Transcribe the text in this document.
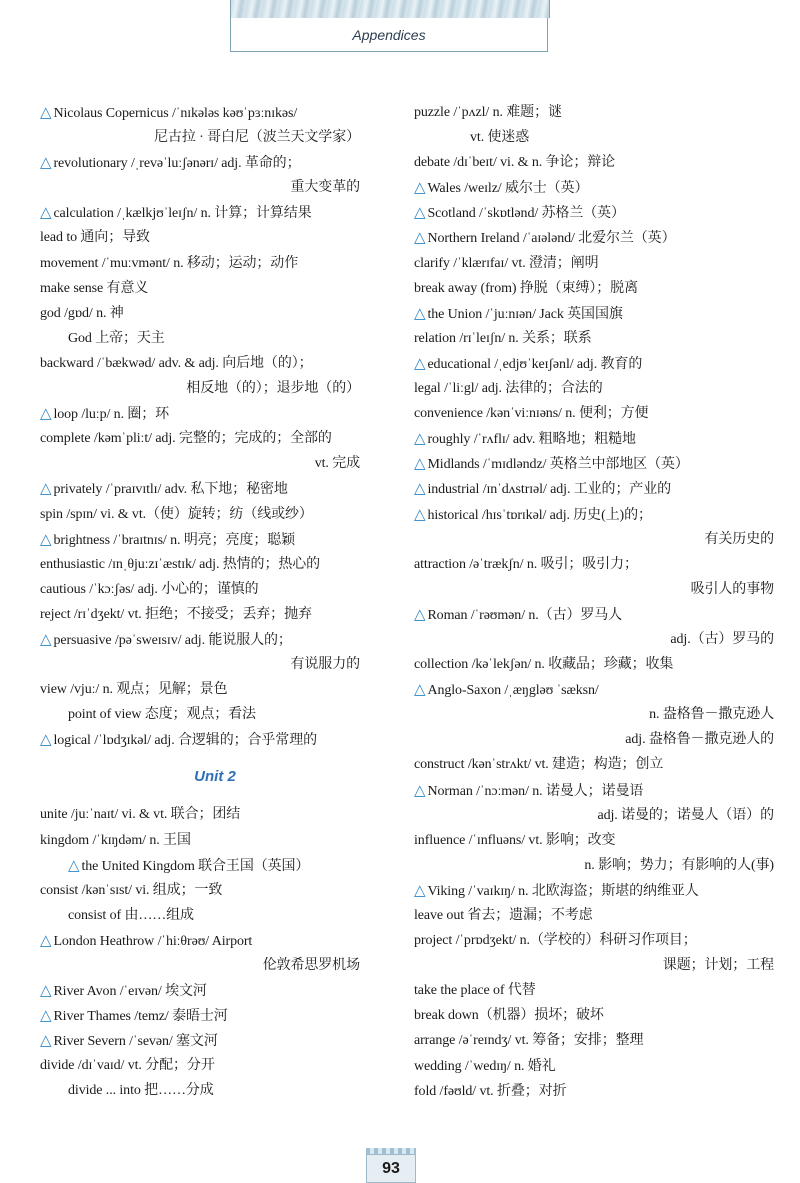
Appendices
△ Nicolaus Copernicus /ˈnɪkələs kəʊˈpɜːnɪkəs/
尼古拉 · 哥白尼（波兰天文学家）
△ revolutionary /ˌrevəˈluːʃənərɪ/ adj. 革命的；
重大变革的
△ calculation /ˌkælkjʊˈleɪʃn/ n. 计算；计算结果
lead to 通向；导致
movement /ˈmuːvmənt/ n. 移动；运动；动作
make sense 有意义
god /gɒd/ n. 神
God 上帝；天主
backward /ˈbækwəd/ adv. & adj. 向后地（的）；
相反地（的）；退步地（的）
△ loop /luːp/ n. 圈；环
complete /kəmˈpliːt/ adj. 完整的；完成的；全部的
vt. 完成
△ privately /ˈpraɪvɪtlɪ/ adv. 私下地；秘密地
spin /spɪn/ vi. & vt.（使）旋转；纺（线或纱）
△ brightness /ˈbraɪtnɪs/ n. 明亮；亮度；聪颖
enthusiastic /ɪnˌθjuːzɪˈæstɪk/ adj. 热情的；热心的
cautious /ˈkɔːʃəs/ adj. 小心的；谨慎的
reject /rɪˈdʒekt/ vt. 拒绝；不接受；丢弃；抛弃
△ persuasive /pəˈsweɪsɪv/ adj. 能说服人的；
有说服力的
view /vjuː/ n. 观点；见解；景色
point of view 态度；观点；看法
△ logical /ˈlɒdʒɪkəl/ adj. 合逻辑的；合乎常理的
Unit 2
unite /juːˈnaɪt/ vi. & vt. 联合；团结
kingdom /ˈkɪŋdəm/ n. 王国
△ the United Kingdom 联合王国（英国）
consist /kənˈsɪst/ vi. 组成；一致
consist of 由……组成
△ London Heathrow /ˈhiːθrəʊ/ Airport
伦敦希思罗机场
△ River Avon /ˈeɪvən/ 埃文河
△ River Thames /temz/ 泰晤士河
△ River Severn /ˈsevən/ 塞文河
divide /dɪˈvaɪd/ vt. 分配；分开
divide ... into 把……分成
puzzle /ˈpʌzl/ n. 难题；谜
vt. 使迷惑
debate /dɪˈbeɪt/ vi. & n. 争论；辩论
△ Wales /weɪlz/ 威尔士（英）
△ Scotland /ˈskɒtlənd/ 苏格兰（英）
△ Northern Ireland /ˈaɪələnd/ 北爱尔兰（英）
clarify /ˈklærɪfaɪ/ vt. 澄清；阐明
break away (from) 挣脱（束缚）；脱离
△ the Union /ˈjuːnɪən/ Jack 英国国旗
relation /rɪˈleɪʃn/ n. 关系；联系
△ educational /ˌedjʊˈkeɪʃənl/ adj. 教育的
legal /ˈliːgl/ adj. 法律的；合法的
convenience /kənˈviːnɪəns/ n. 便利；方便
△ roughly /ˈrʌflɪ/ adv. 粗略地；粗糙地
△ Midlands /ˈmɪdləndz/ 英格兰中部地区（英）
△ industrial /ɪnˈdʌstrɪəl/ adj. 工业的；产业的
△ historical /hɪsˈtɒrɪkəl/ adj. 历史(上)的；
有关历史的
attraction /əˈtrækʃn/ n. 吸引；吸引力；
吸引人的事物
△ Roman /ˈrəʊmən/ n.（古）罗马人
adj.（古）罗马的
collection /kəˈlekʃən/ n. 收藏品；珍藏；收集
△ Anglo-Saxon /ˌæŋgləʊ ˈsæksn/
n. 盎格鲁－撒克逊人
adj. 盎格鲁－撒克逊人的
construct /kənˈstrʌkt/ vt. 建造；构造；创立
△ Norman /ˈnɔːmən/ n. 诺曼人；诺曼语
adj. 诺曼的；诺曼人（语）的
influence /ˈɪnfluəns/ vt. 影响；改变
n. 影响；势力；有影响的人(事)
△ Viking /ˈvaɪkɪŋ/ n. 北欧海盗；斯堪的纳维亚人
leave out 省去；遗漏；不考虑
project /ˈprɒdʒekt/ n.（学校的）科研习作项目；
课题；计划；工程
take the place of 代替
break down（机器）损坏；破坏
arrange /əˈreɪndʒ/ vt. 筹备；安排；整理
wedding /ˈwedɪŋ/ n. 婚礼
fold /fəʊld/ vt. 折叠；对折
93
